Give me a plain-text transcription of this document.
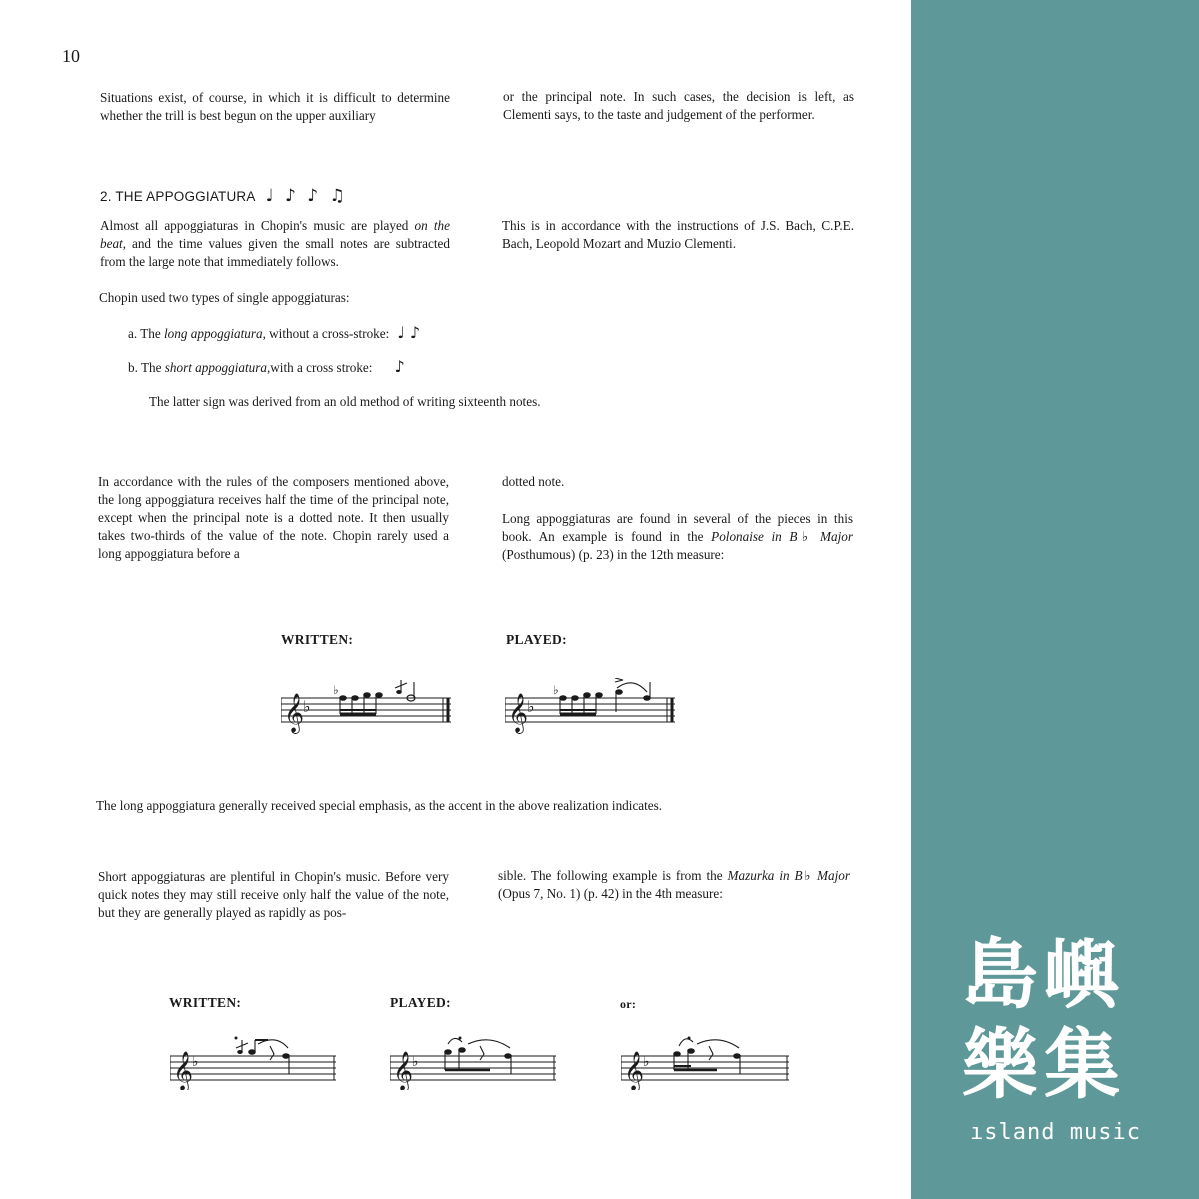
10
Situations exist, of course, in which it is difficult to determine whether the trill is best begun on the upper auxiliary
or the principal note. In such cases, the decision is left, as Clementi says, to the taste and judgement of the performer.
2. THE APPOGGIATURA ♩ ♪ ♪ ♫
Almost all appoggiaturas in Chopin's music are played on the beat, and the time values given the small notes are subtracted from the large note that immediately follows.
This is in accordance with the instructions of J.S. Bach, C.P.E. Bach, Leopold Mozart and Muzio Clementi.
Chopin used two types of single appoggiaturas:
a. The long appoggiatura, without a cross-stroke: ♩ ♪
b. The short appoggiatura,with a cross stroke: ♪
The latter sign was derived from an old method of writing sixteenth notes.
In accordance with the rules of the composers mentioned above, the long appoggiatura receives half the time of the principal note, except when the principal note is a dotted note. It then usually takes two-thirds of the value of the note. Chopin rarely used a long appoggiatura before a
dotted note.
Long appoggiaturas are found in several of the pieces in this book. An example is found in the Polonaise in B♭ Major (Posthumous) (p. 23) in the 12th measure:
WRITTEN:	PLAYED:
𝄞
♭
♭
𝄞
♭
♭
The long appoggiatura generally received special emphasis, as the accent in the above realization indicates.
Short appoggiaturas are plentiful in Chopin's music. Before very quick notes they may still receive only half the value of the note, but they are generally played as rapidly as pos-
sible. The following example is from the Mazurka in B♭ Major (Opus 7, No. 1) (p. 42) in the 4th measure:
WRITTEN:	PLAYED:	or:
𝄞
♭	𝄞
♭	𝄞
♭
島嶼樂集
ısland music
